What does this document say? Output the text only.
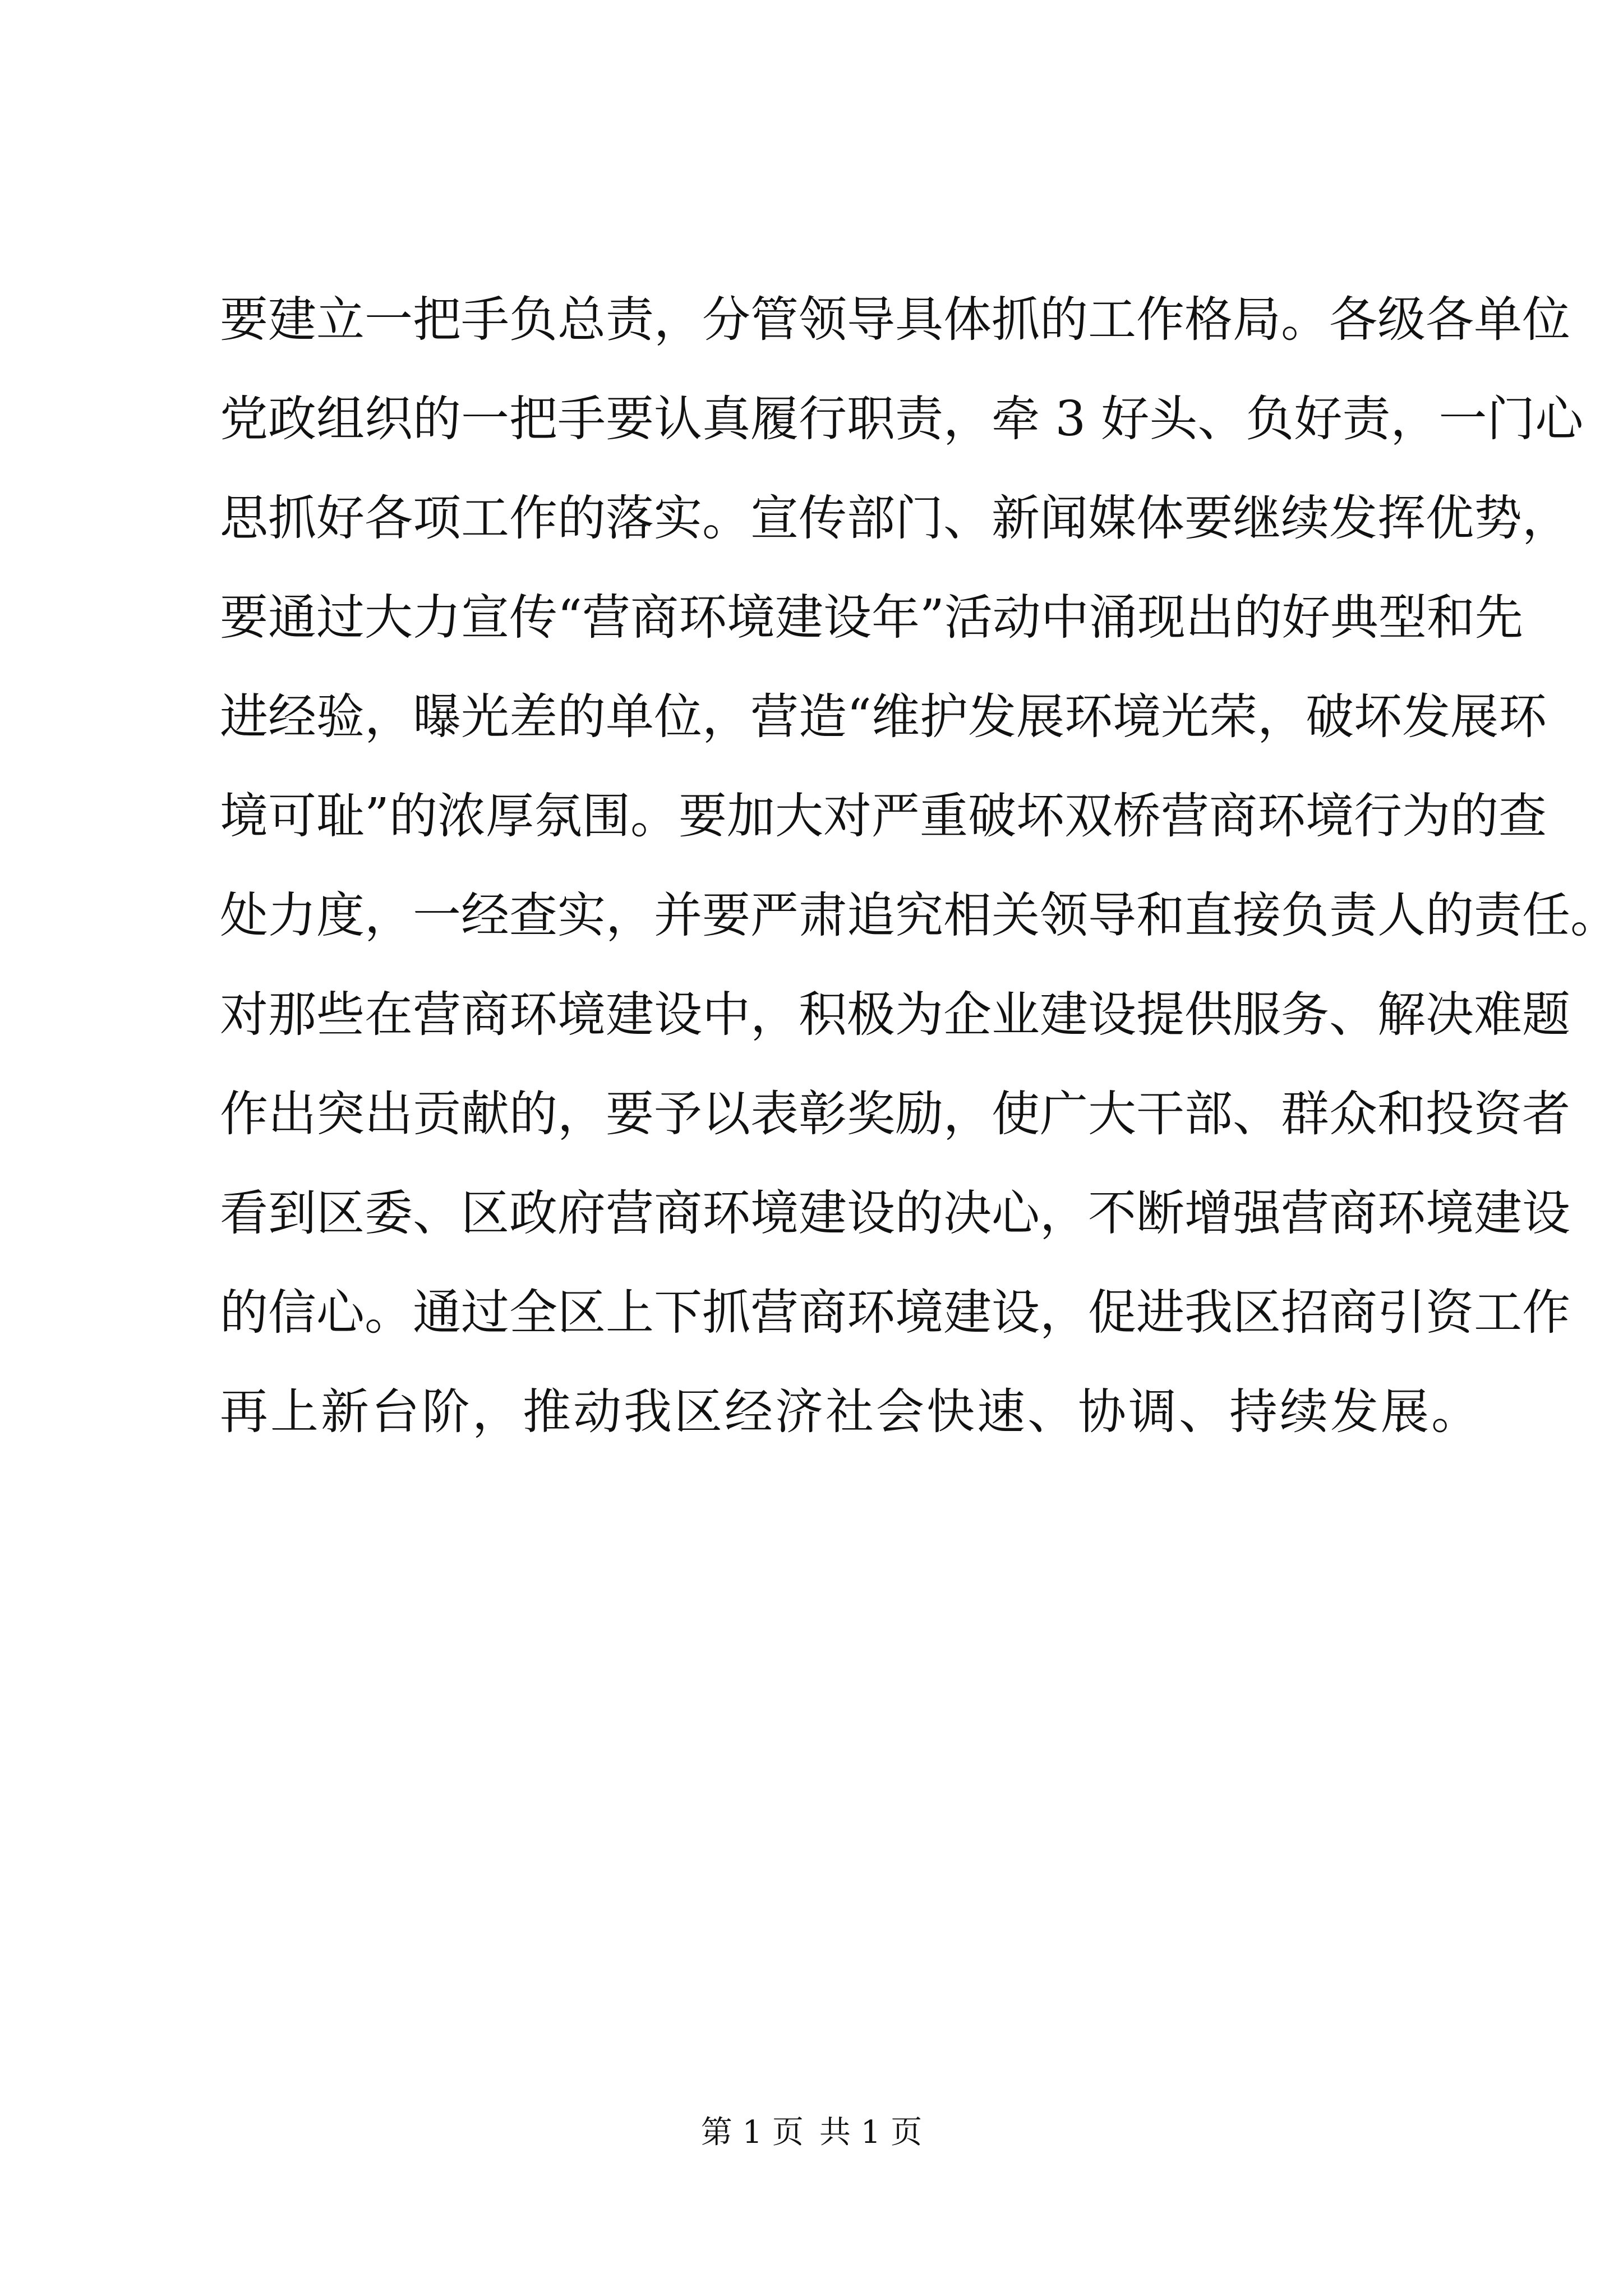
要建立一把手负总责，分管领导具体抓的工作格局。各级各单位
党政组织的一把手要认真履行职责，牵 3 好头、负好责，一门心
思抓好各项工作的落实。宣传部门、新闻媒体要继续发挥优势，
要通过大力宣传“营商环境建设年”活动中涌现出的好典型和先
进经验，曝光差的单位，营造“维护发展环境光荣，破坏发展环
境可耻”的浓厚氛围。要加大对严重破坏双桥营商环境行为的查
处力度，一经查实，并要严肃追究相关领导和直接负责人的责任。
对那些在营商环境建设中，积极为企业建设提供服务、解决难题
作出突出贡献的，要予以表彰奖励，使广大干部、群众和投资者
看到区委、区政府营商环境建设的决心，不断增强营商环境建设
的信心。通过全区上下抓营商环境建设，促进我区招商引资工作
再上新台阶，推动我区经济社会快速、协调、持续发展。
第 1 页 共 1 页
